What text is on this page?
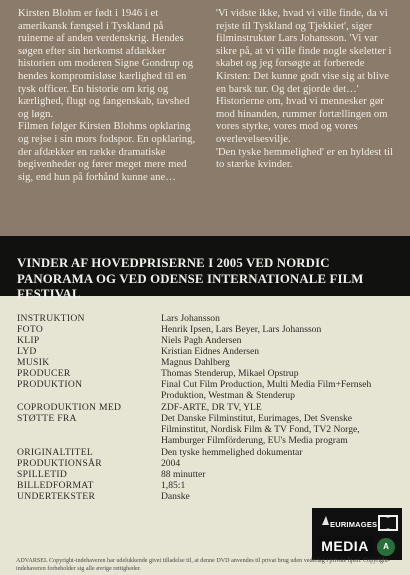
Kirsten Blohm er født i 1946 i et amerikansk fængsel i Tyskland på ruinerne af anden verdenskrig. Hendes søgen efter sin herkomst afdækker historien om moderen Signe Gondrup og hendes kompromisløse kærlighed til en tysk officer. En historie om krig og kærlighed, flugt og fangenskab, tavshed og løgn.

Filmen følger Kirsten Blohms opklaring og rejse i sin mors fodspor. En opklaring, der afdækker en række dramatiske begivenheder og fører meget mere med sig, end hun på forhånd kunne ane…

'Vi vidste ikke, hvad vi ville finde, da vi rejste til Tyskland og Tjekkiet', siger filminstruktør Lars Johansson. 'Vi var sikre på, at vi ville finde nogle skeletter i skabet og jeg forsøgte at forberede Kirsten: Det kunne godt vise sig at blive en barsk tur. Og det gjorde det…'

Historierne om, hvad vi mennesker gør mod hinanden, rummer fortællingen om vores styrke, vores mod og vores overlevelsesvilje.

'Den tyske hemmelighed' er en hyldest til to stærke kvinder.

VINDER AF HOVEDPRISERNE I 2005 VED NORDIC PANORAMA OG VED ODENSE INTERNATIONALE FILM FESTIVAL
INSTRUKTION	Lars Johansson
FOTO	Henrik Ipsen, Lars Beyer, Lars Johansson
KLIP	Niels Pagh Andersen
LYD	Kristian Eidnes Andersen
MUSIK	Magnus Dahlberg
PRODUCER	Thomas Stenderup, Mikael Opstrup
PRODUKTION	Final Cut Film Production, Multi Media Film+Fernseh Produktion, Westman & Stenderup
COPRODUKTION MED	ZDF-ARTE, DR TV, YLE
STØTTE FRA	Det Danske Filminstitut, Eurimages, Det Svenske Filminstitut, Nordisk Film & TV Fond, TV2 Norge, Hamburger Filmförderung, EU's Media program
ORIGINALTITEL	Den tyske hemmelighed dokumentar
PRODUKTIONSÅR	2004
SPILLETID	88 minutter
BILLEDFORMAT	1,85:1
UNDERTEKSTER	Danske
EURIMAGES
MEDIA	A
ADVARSEL Copyright-indehaveren har udelukkende givet tilladelse til, at denne DVD anvendes til privat brug uden vederlag i private hjem. Copyright-indehaveren forbeholder sig alle øvrige rettigheder.
